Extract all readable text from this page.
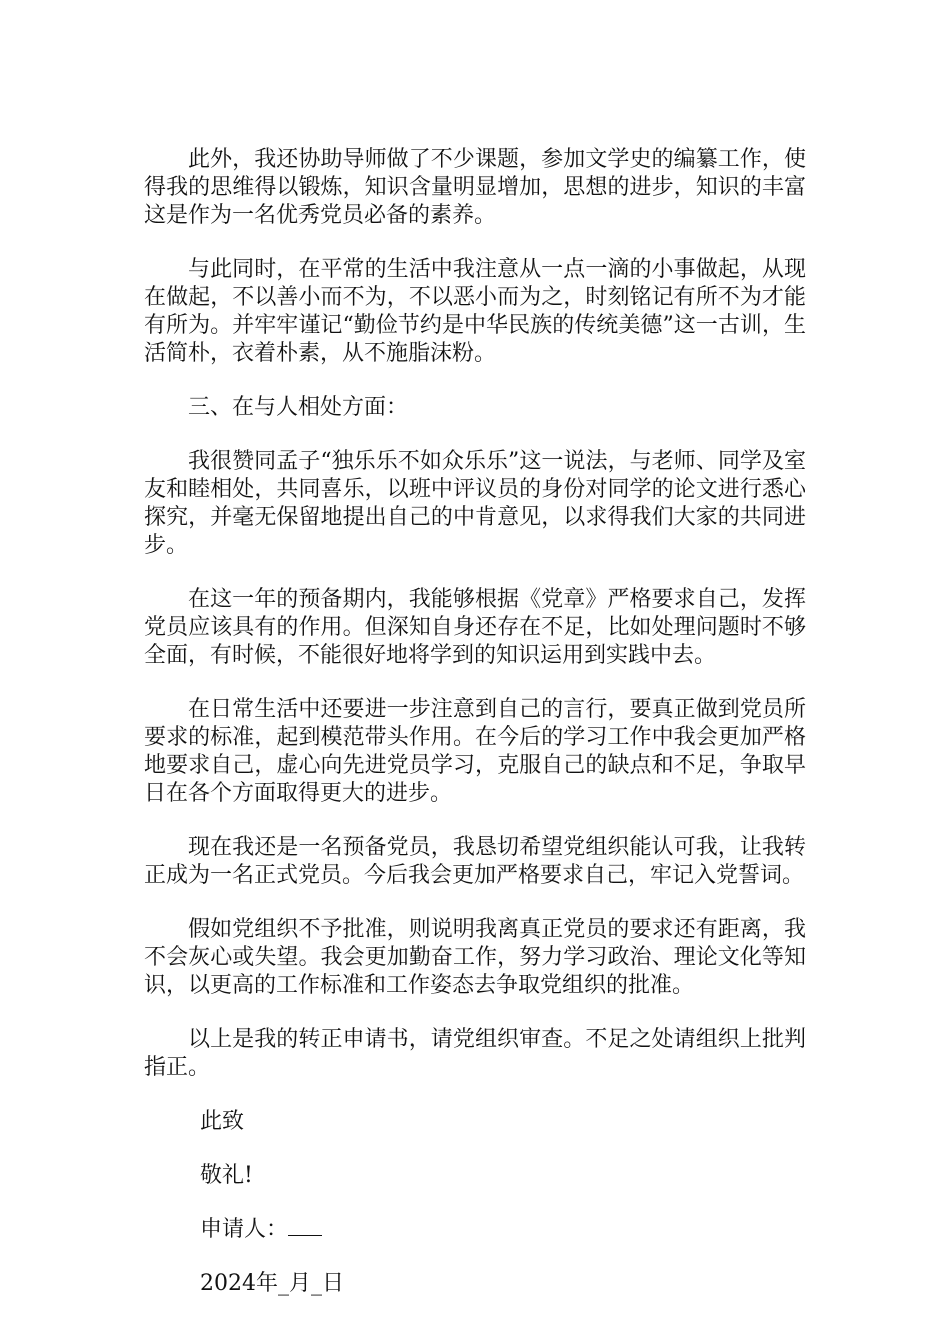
此外，我还协助导师做了不少课题，参加文学史的编纂工作，使得我的思维得以锻炼，知识含量明显增加，思想的进步，知识的丰富这是作为一名优秀党员必备的素养。

与此同时，在平常的生活中我注意从一点一滴的小事做起，从现在做起，不以善小而不为，不以恶小而为之，时刻铭记有所不为才能有所为。并牢牢谨记“勤俭节约是中华民族的传统美德”这一古训，生活简朴，衣着朴素，从不施脂沫粉。

三、在与人相处方面：

我很赞同孟子“独乐乐不如众乐乐”这一说法，与老师、同学及室友和睦相处，共同喜乐，以班中评议员的身份对同学的论文进行悉心探究，并毫无保留地提出自己的中肯意见，以求得我们大家的共同进步。

在这一年的预备期内，我能够根据《党章》严格要求自己，发挥党员应该具有的作用。但深知自身还存在不足，比如处理问题时不够全面，有时候，不能很好地将学到的知识运用到实践中去。

在日常生活中还要进一步注意到自己的言行，要真正做到党员所要求的标准，起到模范带头作用。在今后的学习工作中我会更加严格地要求自己，虚心向先进党员学习，克服自己的缺点和不足，争取早日在各个方面取得更大的进步。

现在我还是一名预备党员，我恳切希望党组织能认可我，让我转正成为一名正式党员。今后我会更加严格要求自己，牢记入党誓词。

假如党组织不予批准，则说明我离真正党员的要求还有距离，我不会灰心或失望。我会更加勤奋工作，努力学习政治、理论文化等知识，以更高的工作标准和工作姿态去争取党组织的批准。

以上是我的转正申请书，请党组织审查。不足之处请组织上批判指正。

此致

敬礼!

申请人：

2024年_月_日
